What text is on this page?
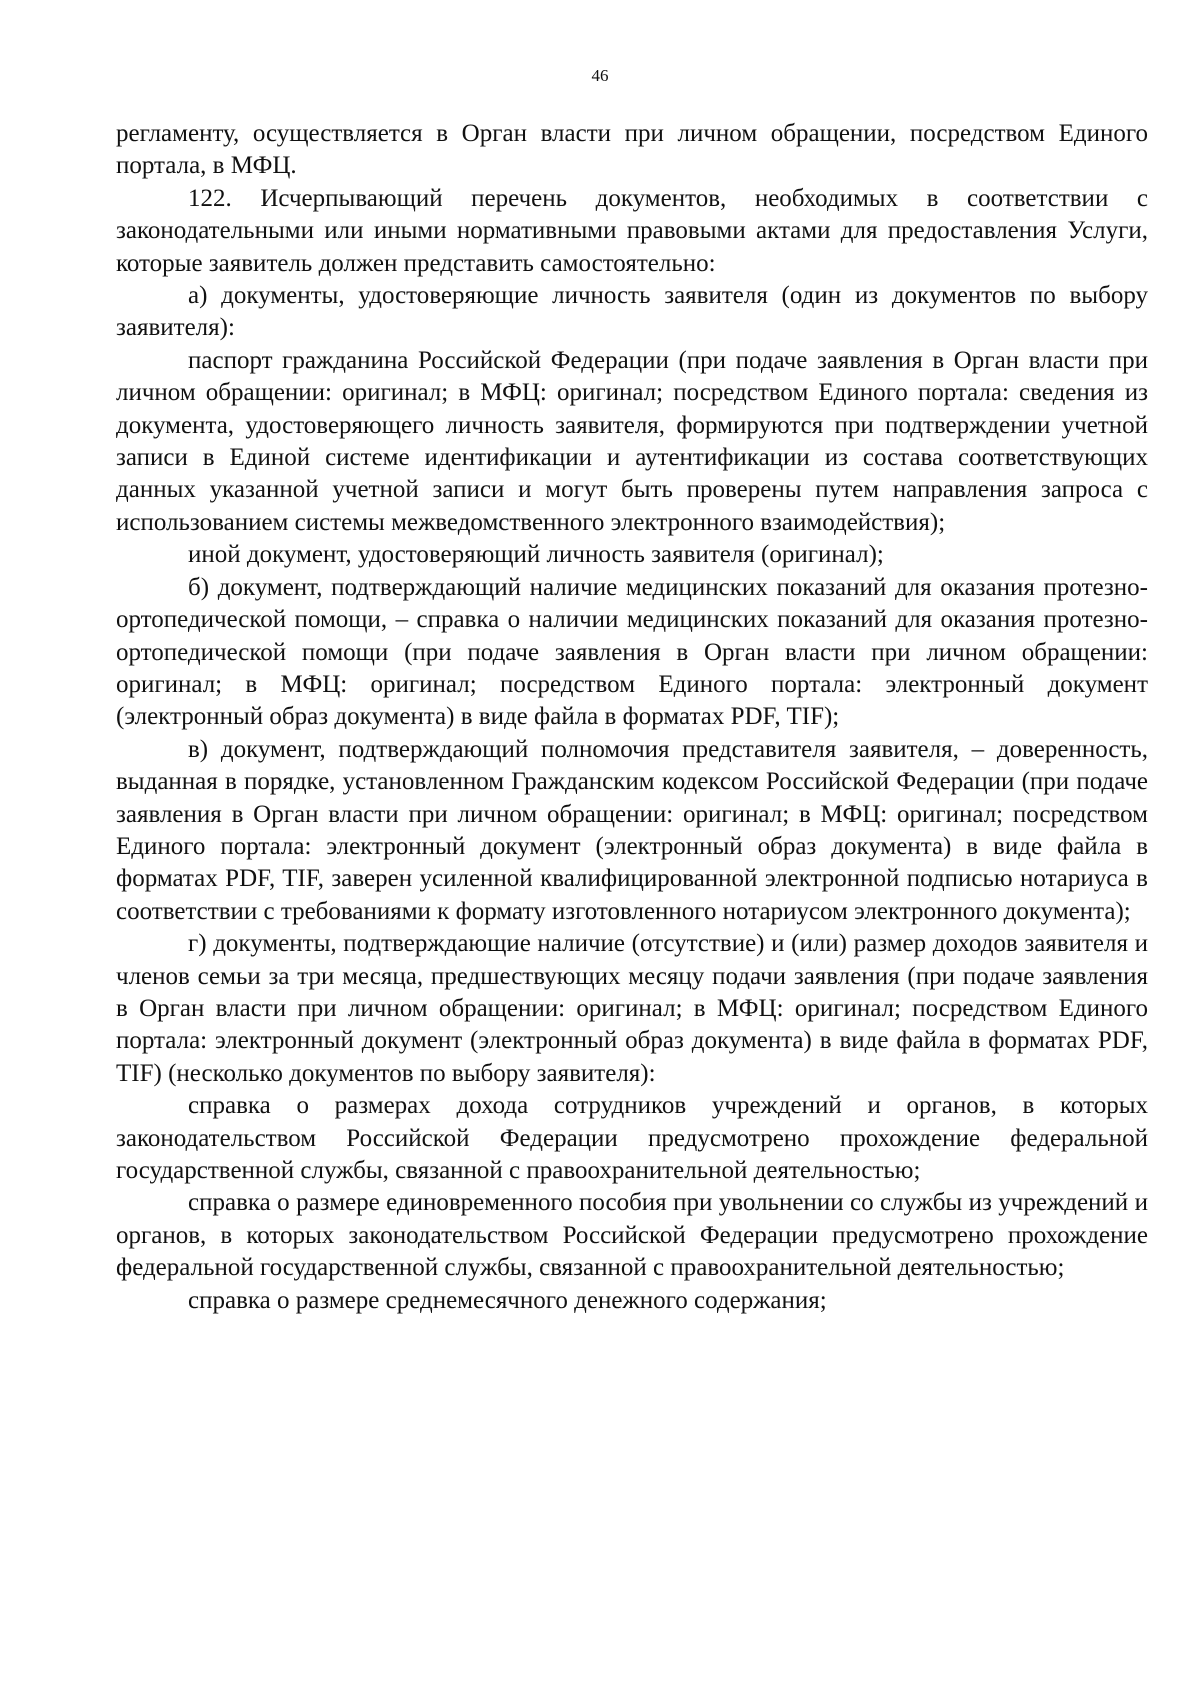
46

регламенту, осуществляется в Орган власти при личном обращении, посредством Единого портала, в МФЦ.

122. Исчерпывающий перечень документов, необходимых в соответствии с законодательными или иными нормативными правовыми актами для предоставления Услуги, которые заявитель должен представить самостоятельно:

а) документы, удостоверяющие личность заявителя (один из документов по выбору заявителя):

паспорт гражданина Российской Федерации (при подаче заявления в Орган власти при личном обращении: оригинал; в МФЦ: оригинал; посредством Единого портала: сведения из документа, удостоверяющего личность заявителя, формируются при подтверждении учетной записи в Единой системе идентификации и аутентификации из состава соответствующих данных указанной учетной записи и могут быть проверены путем направления запроса с использованием системы межведомственного электронного взаимодействия);

иной документ, удостоверяющий личность заявителя (оригинал);

б) документ, подтверждающий наличие медицинских показаний для оказания протезно-ортопедической помощи, – справка о наличии медицинских показаний для оказания протезно-ортопедической помощи (при подаче заявления в Орган власти при личном обращении: оригинал; в МФЦ: оригинал; посредством Единого портала: электронный документ (электронный образ документа) в виде файла в форматах PDF, TIF);

в) документ, подтверждающий полномочия представителя заявителя, – доверенность, выданная в порядке, установленном Гражданским кодексом Российской Федерации (при подаче заявления в Орган власти при личном обращении: оригинал; в МФЦ: оригинал; посредством Единого портала: электронный документ (электронный образ документа) в виде файла в форматах PDF, TIF, заверен усиленной квалифицированной электронной подписью нотариуса в соответствии с требованиями к формату изготовленного нотариусом электронного документа);

г) документы, подтверждающие наличие (отсутствие) и (или) размер доходов заявителя и членов семьи за три месяца, предшествующих месяцу подачи заявления (при подаче заявления в Орган власти при личном обращении: оригинал; в МФЦ: оригинал; посредством Единого портала: электронный документ (электронный образ документа) в виде файла в форматах PDF, TIF) (несколько документов по выбору заявителя):

справка о размерах дохода сотрудников учреждений и органов, в которых законодательством Российской Федерации предусмотрено прохождение федеральной государственной службы, связанной с правоохранительной деятельностью;

справка о размере единовременного пособия при увольнении со службы из учреждений и органов, в которых законодательством Российской Федерации предусмотрено прохождение федеральной государственной службы, связанной с правоохранительной деятельностью;

справка о размере среднемесячного денежного содержания;
